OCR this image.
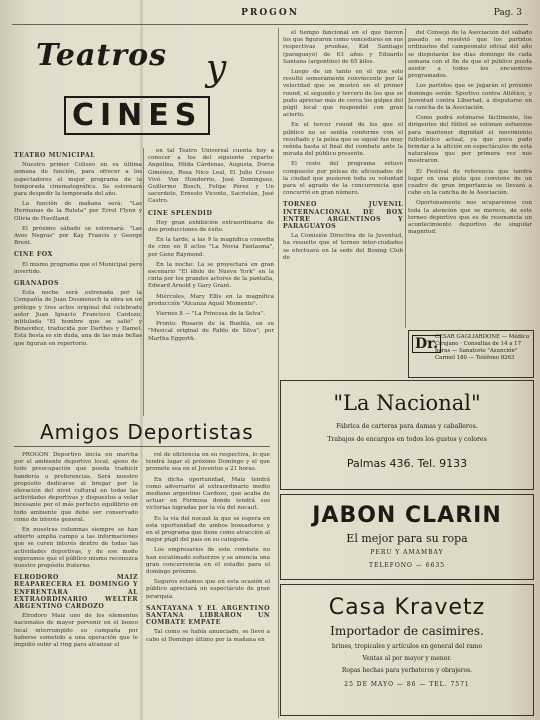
PROGON	Pag. 3
Teatros y
CINES
TEATRO MUNICIPAL

Nuestro primer Coliseo en su última semana de función, para ofrecer a los espectadores el mejor programa de la temporada cinematográfica. Se estrenará para despedir la temporada del año.

La función de mañana será: "Las Hermanas de la Ruleta" por Errol Flynn y Olivia de Havilland.

El próximo sábado se estrenará: "Las Aves Negras" por Kay Francis y George Brent.

CINE FOX

El mismo programa que el Municipal pero invertido.

GRANADOS

Esta noche será estrenada por la Compañía de Juan Dosmenech la obra en un prólogo y tres actos original del celebrado autor Juan Ignacio Francisco Cardozo, intitulada "El hombre que se salió" y Benavidez, traducida por Darthes y Damel. Esta fiesta es sin duda, una de las más bellas que figuran en repertorio.

en tal Teatro Universal cuenta hoy a conocer a los del siguiente reparto: Angelina, Hilda Cárdenas, Augusta, Dorca Giménez, Rosa Nico Leal, El Julio Crosio Vivó. Von Hondorrio, José Dominguez, Guillermo Bosch, Felipe Pérez y Un sacerdote, Ernesto Vicente, Sacristán, José Castro.

CINE SPLENDID

Hoy gran exhibición extraordinaria de dos producciones de éxito.

En la tarde, a las 9 la magnífica comedia de cine en 8 actos "La Novia Fantasma", por Gene Raymond.

En la noche: La se proyectará en gran escenario "El ídolo de Nueva York" en la cinta por los grandes actores de la pantalla, Edward Arnold y Gary Grant.

Miércoles, Mary Ellis en la magnífica producción "Alcanza Aquel Momento".

Viernes 8 — "La Princesa de la Selva".

Pronto: Rosario de la Buebla, en su "Musical original de Pablo de Silva", por Martha Eggerth.

el tiempo funcional en el que fueron los que figuraron como vencedores en sus respectivas pruebas, Kid Santiago (paraguayo) de 63 años y Eduardo Santana (argentino) de 65 kilos.

Luego de un tanto en el que solo resultó someramente convincente por la velocidad que se mostró en el primer round, el segundo y tercero de los que se pudo apreciar más de cerca los golpes del púgil local que respondió con gran acierto.

En el tercer round de los que el público no se sentía conforme con el resultado y la pelea que se siguió fue muy reñida hasta el final del combate ante la mirada del público presente.

El resto del programa estuvo compuesto por peleas de aficionados de la ciudad que pusieron toda su voluntad para el agrado de la concurrencia que concurrió en gran número.

TORNEO JUVENIL INTERNACIONAL DE BOX ENTRE ARGENTINOS Y PARAGUAYOS

La Comisión Directiva de la Juventud, ha resuelto que el torneo inter-ciudades se efectuará en la sede del Boxing Club de

del Consejo de la Asociación del sábado pasado se resolvió que los partidos ordinarios del campeonato oficial del año se disputarán los días domingo de cada semana con el fin de que el público pueda asistir a todos los encuentros programados.

Los partidos que se jugarán el próximo domingo serán: Sportivo contra Atlético, y Juventud contra Libertad, a disputarse en la cancha de la Asociación.

Como podrá estimarse fácilmente, los dirigentes del fútbol se estiman esfuerzos para mantener dignidad el movimiento futbolístico actual, ya que poco pudo brindar a la afición en espectáculos de esta naturaleza que por primera vez nos mostraron.

El Festival de referencia que tendrá lugar en una pista que conviene de un cuadro de gran importancia se llevará a cabo en la cancha de la Asociación.

Oportunamente nos ocuparemos con toda la atención que se merece, de este torneo deportivo que es de resonancia un acontecimiento deportivo de singular magnitud.

Dr.
CESAR GAGLIARDONE — Médico Cirujano · Consultas de 14 a 17
horas — Sanatorio "Asunción"
Carmel 180 — Teléfono 8263
Amigos Deportistas

PROGON Deportivo inicia en marcha por el ambiente deportivo local, ajeno de todo preocupación que pueda traducir bandería o preferencias. Será nuestro propósito dedicarse al bregar por la elevación del nivel cultural en todas las actividades deportivas y dispuestos a velar incesante por el más perfecto equilibrio en todo ambiente que debe ser conservado como de interés general.

En nuestras columnas siempre se han abierto amplia campo a las informaciones que se curen interés dentro de todas las actividades deportivas, y de ese modo esperamos que el público mismo reconozca nuestro propósito fraterno.

ELRODORO MAIZ REAPARECERA EL DOMINGO Y ENFRENTARA AL EXTRAORDINARIO WELTER ARGENTINO CARDOZO

Elrodoro Maiz uno de los elementos nacionales de mayor porvenir en el boxeo local interrumpido su campaña por haberse sometido a una operación que le impidió subir al ring para alcanzar el

rol de eficiencia en su respectiva, lo que tendrá lugar el próximo Domingo y el que promete sea en el Juventus a 21 horas.

En dicha oportunidad, Maiz tendrá como adversario al extraordinario medio mediano argentino Cardozo, que acaba de actuar en Formosa donde tendrá sus victorias logradas por la vía del nocaut.

Es la vía del nocaut la que se espera en esta oportunidad de ambos boxeadores y en el programa que tiene como atracción al mejor púgil del país en su categoría.

Los empresarios de este combate no han escatimado esfuerzos y se anuncia una gran concurrencia en el estadio para el domingo próximo.

Seguros estamos que en esta ocasión el público apreciará un espectáculo de gran jerarquía.

SANTAYANA Y EL ARGENTINO SANTANA LIBRARON UN COMBATE EMPATE

Tal como se había anunciado, se llevó a cabo el Domingo último por la mañana en

"La Nacional"
Fábrica de carteras para damas y caballeros.
Trabajos de encargos en todos los gustos y colores
Palmas 436. Tel. 9133
JABON CLARIN
El mejor para su ropa
PERU Y AMAMBAY
TELEFONO — 6635
Casa Kravetz
Importador de casimires.
brines, tropicales y artículos en general del ramo
Ventas al por mayor y menor.
Ropas hechas para yerbateros y obrajeros.
25 DE MAYO — 86 — TEL. 7571
